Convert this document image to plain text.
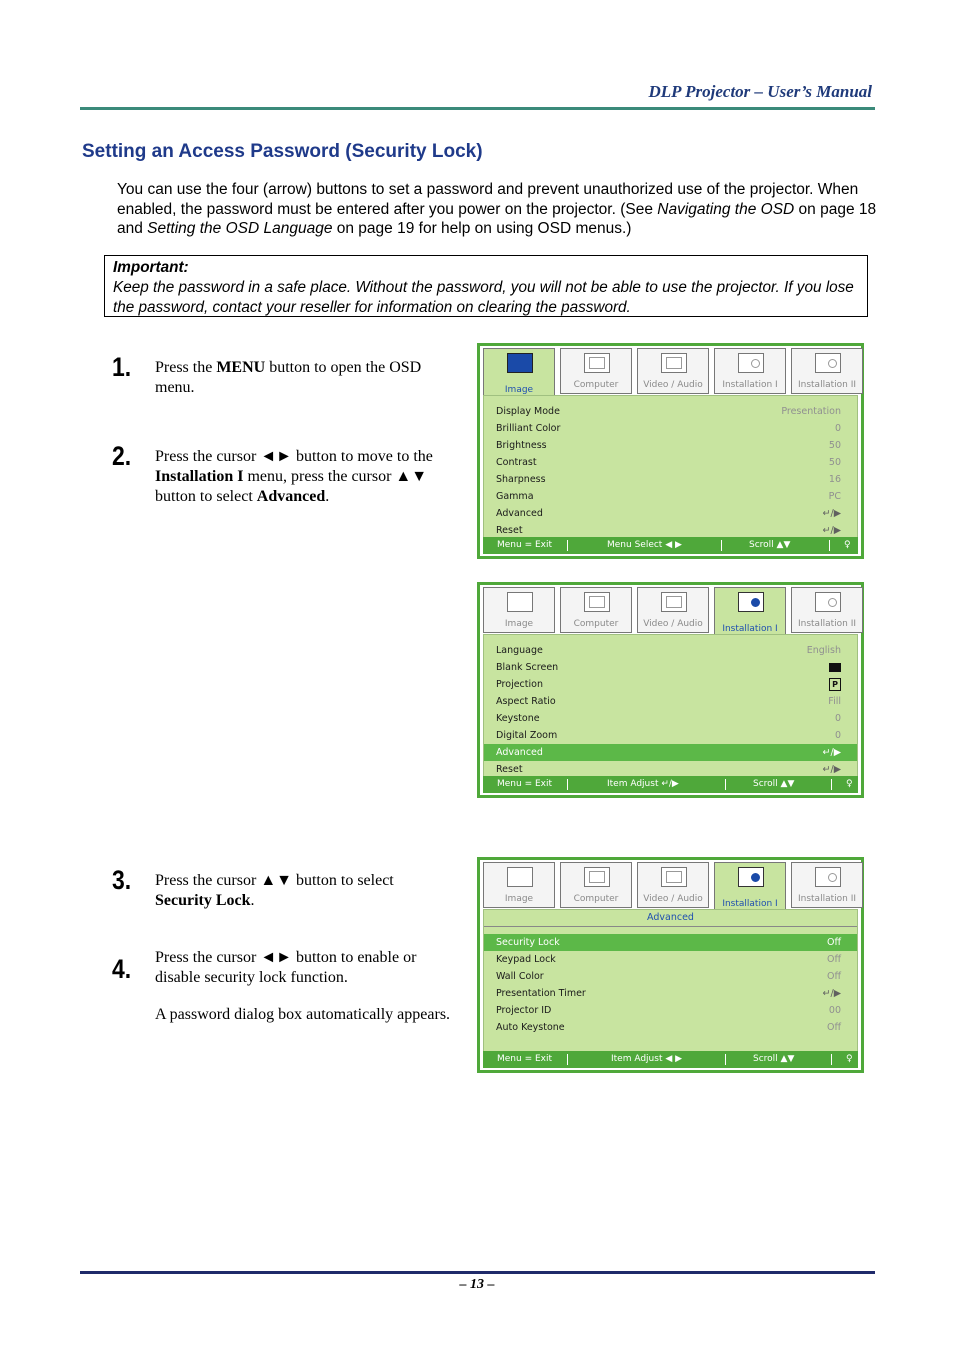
DLP Projector – User’s Manual
Setting an Access Password (Security Lock)
You can use the four (arrow) buttons to set a password and prevent unauthorized use of the projector. When enabled, the password must be entered after you power on the projector. (See Navigating the OSD on page 18 and Setting the OSD Language on page 19 for help on using OSD menus.)
Important:
Keep the password in a safe place. Without the password, you will not be able to use the projector. If you lose the password, contact your reseller for information on clearing the password.
1. Press the MENU button to open the OSD menu.
2. Press the cursor ◄► button to move to the Installation I menu, press the cursor ▲▼ button to select Advanced.
3. Press the cursor ▲▼ button to select Security Lock.
4. Press the cursor ◄► button to enable or disable security lock function.
A password dialog box automatically appears.
Image	Computer	Video / Audio	Installation I	Installation II
Display Mode	Presentation
Brilliant Color	0
Brightness	50
Contrast	50
Sharpness	16
Gamma	PC
Advanced	↵/▶
Reset	↵/▶
Menu = Exit	Menu Select ◀ ▶	Scroll ▲▼	♀
Image	Computer	Video / Audio	Installation I	Installation II
Language	English
Blank Screen
Projection	P
Aspect Ratio	Fill
Keystone	0
Digital Zoom	0
Advanced	↵/▶
Reset	↵/▶
Menu = Exit	Item Adjust ↵/▶	Scroll ▲▼	♀
Image	Computer	Video / Audio	Installation I	Installation II
Advanced
Security Lock	Off
Keypad Lock	Off
Wall Color	Off
Presentation Timer	↵/▶
Projector ID	00
Auto Keystone	Off
Menu = Exit	Item Adjust ◀ ▶	Scroll ▲▼	♀
– 13 –
